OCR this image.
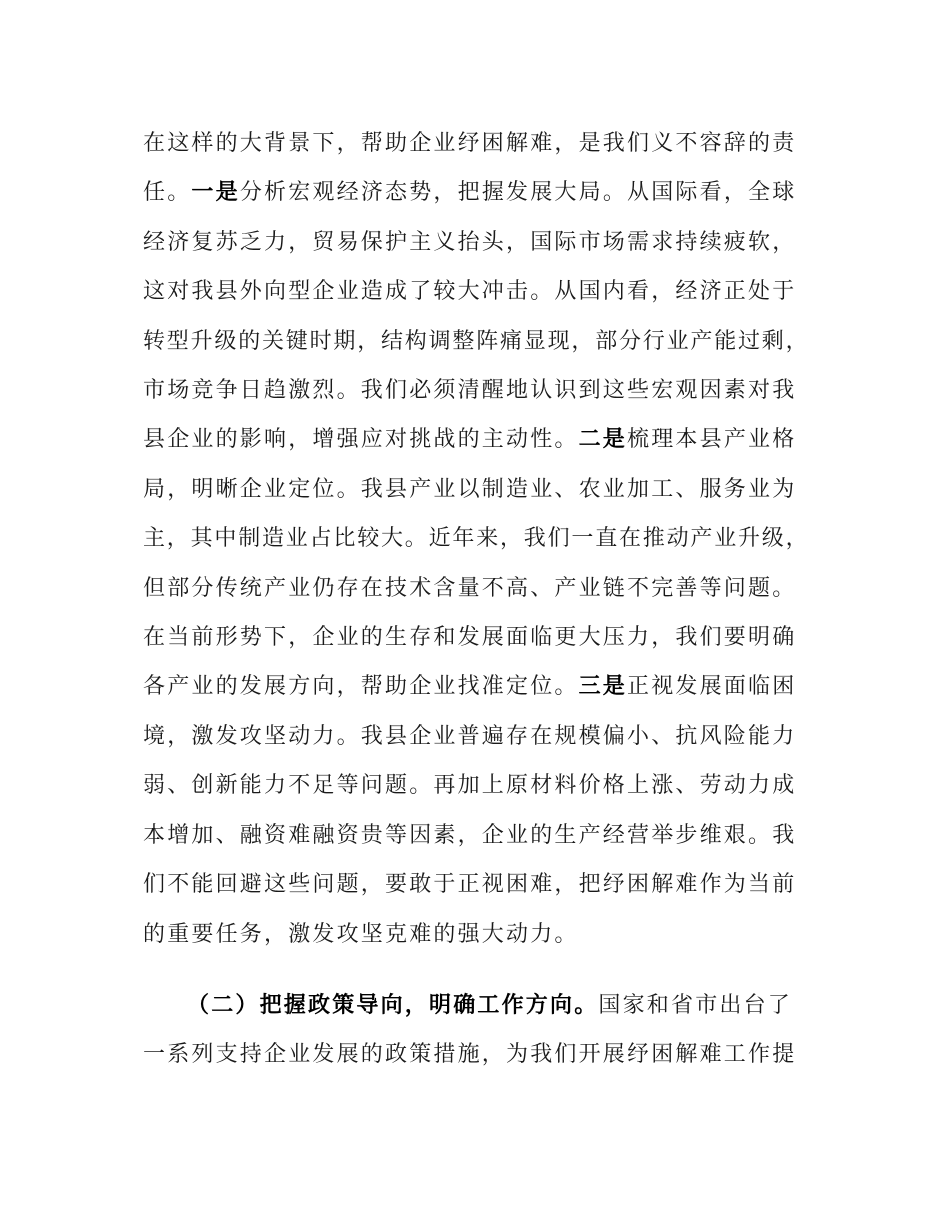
在这样的大背景下，帮助企业纾困解难，是我们义不容辞的责
任。一是分析宏观经济态势，把握发展大局。从国际看，全球
经济复苏乏力，贸易保护主义抬头，国际市场需求持续疲软，
这对我县外向型企业造成了较大冲击。从国内看，经济正处于
转型升级的关键时期，结构调整阵痛显现，部分行业产能过剩，
市场竞争日趋激烈。我们必须清醒地认识到这些宏观因素对我
县企业的影响，增强应对挑战的主动性。二是梳理本县产业格
局，明晰企业定位。我县产业以制造业、农业加工、服务业为
主，其中制造业占比较大。近年来，我们一直在推动产业升级，
但部分传统产业仍存在技术含量不高、产业链不完善等问题。
在当前形势下，企业的生存和发展面临更大压力，我们要明确
各产业的发展方向，帮助企业找准定位。三是正视发展面临困
境，激发攻坚动力。我县企业普遍存在规模偏小、抗风险能力
弱、创新能力不足等问题。再加上原材料价格上涨、劳动力成
本增加、融资难融资贵等因素，企业的生产经营举步维艰。我
们不能回避这些问题，要敢于正视困难，把纾困解难作为当前
的重要任务，激发攻坚克难的强大动力。
（二）把握政策导向，明确工作方向。国家和省市出台了
一系列支持企业发展的政策措施，为我们开展纾困解难工作提
